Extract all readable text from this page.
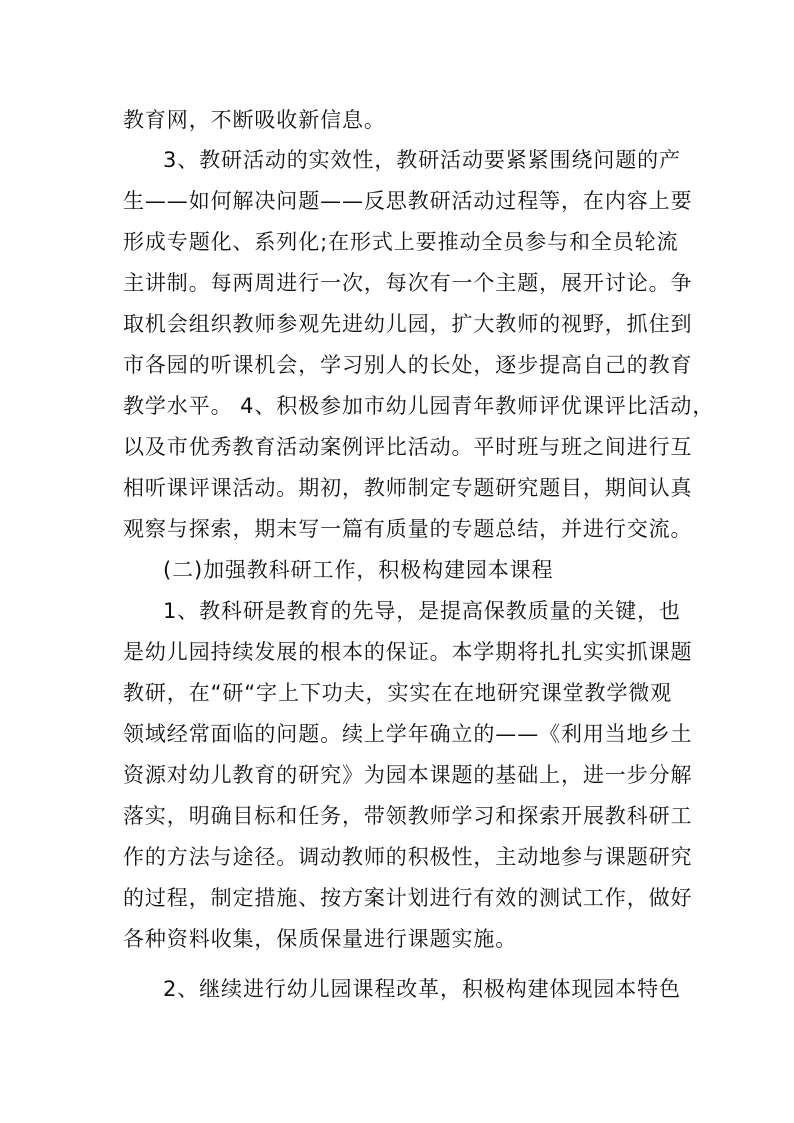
教育网，不断吸收新信息。
3、教研活动的实效性，教研活动要紧紧围绕问题的产
生——如何解决问题——反思教研活动过程等，在内容上要
形成专题化、系列化;在形式上要推动全员参与和全员轮流
主讲制。每两周进行一次，每次有一个主题，展开讨论。争
取机会组织教师参观先进幼儿园，扩大教师的视野，抓住到
市各园的听课机会，学习别人的长处，逐步提高自己的教育
教学水平。 4、积极参加市幼儿园青年教师评优课评比活动，
以及市优秀教育活动案例评比活动。平时班与班之间进行互
相听课评课活动。期初，教师制定专题研究题目，期间认真
观察与探索，期末写一篇有质量的专题总结，并进行交流。
(二)加强教科研工作，积极构建园本课程
1、教科研是教育的先导，是提高保教质量的关键，也
是幼儿园持续发展的根本的保证。本学期将扎扎实实抓课题
教研，在“研“字上下功夫，实实在在地研究课堂教学微观
领域经常面临的问题。续上学年确立的——《利用当地乡土
资源对幼儿教育的研究》为园本课题的基础上，进一步分解
落实，明确目标和任务，带领教师学习和探索开展教科研工
作的方法与途径。调动教师的积极性，主动地参与课题研究
的过程，制定措施、按方案计划进行有效的测试工作，做好
各种资料收集，保质保量进行课题实施。
2、继续进行幼儿园课程改革，积极构建体现园本特色
